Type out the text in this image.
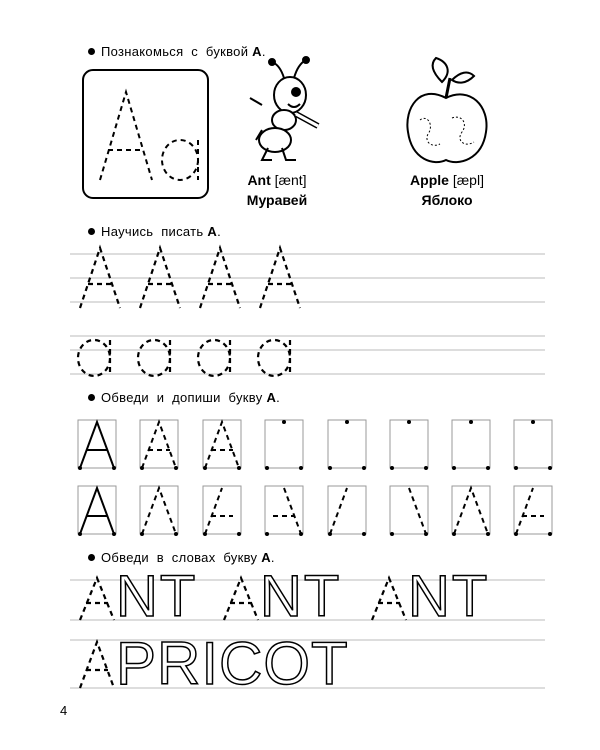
Познакомься  с  буквой A.
Ant [ænt]
Муравей
Apple [æpl]
Яблоко
Научись  писать A.
Обведи  и  допиши  букву A.
Обведи  в  словах  букву A.
NT NT NT
PRICOT
4
